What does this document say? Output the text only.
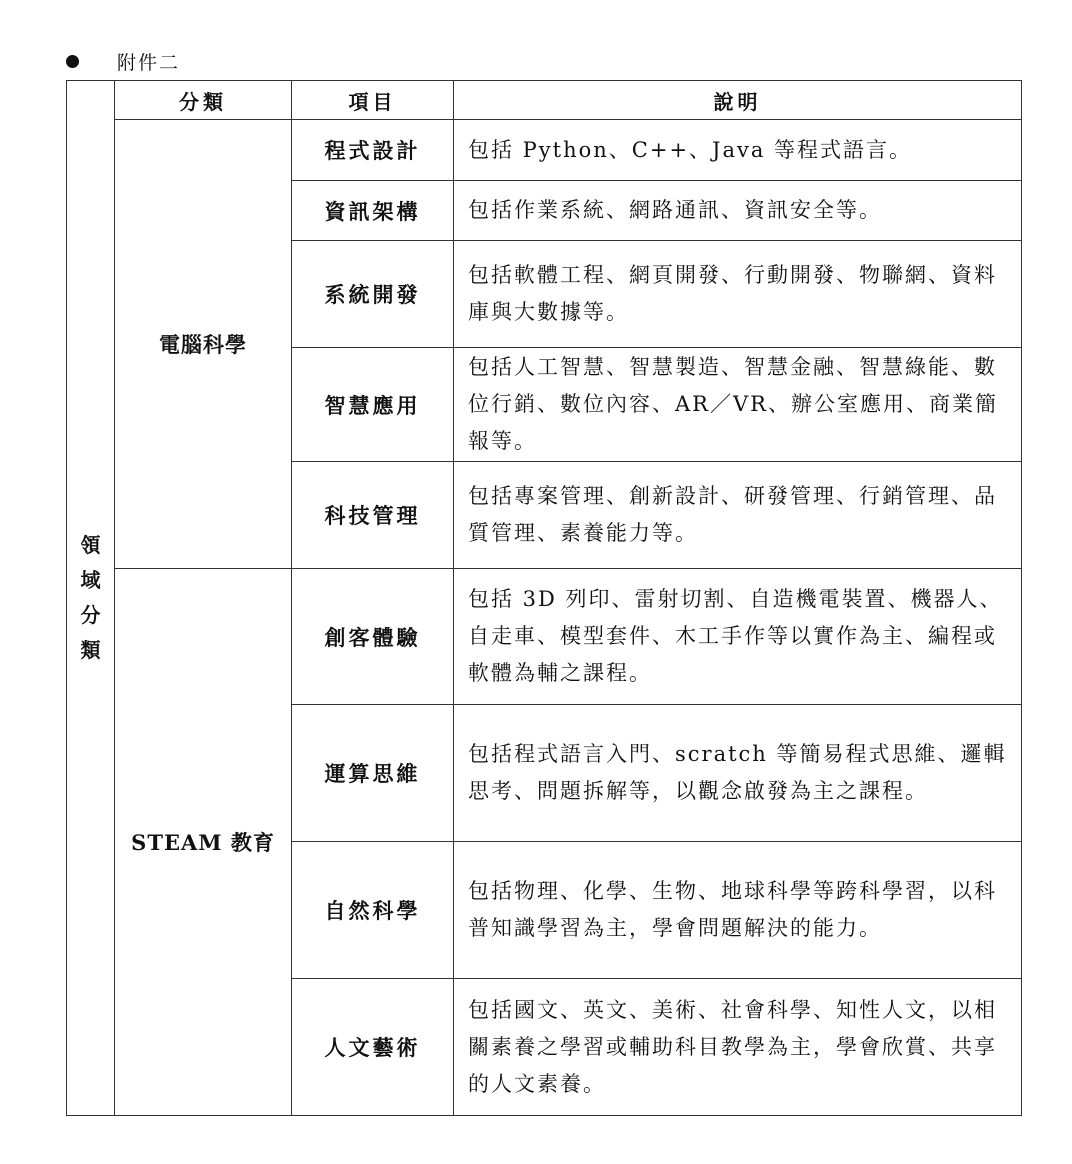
附件二
領域分類	分類	項目	說明
	電腦科學	程式設計	包括 Python、C++、Java 等程式語言。
		資訊架構	包括作業系統、網路通訊、資訊安全等。
		系統開發	包括軟體工程、網頁開發、行動開發、物聯網、資料庫與大數據等。
		智慧應用	包括人工智慧、智慧製造、智慧金融、智慧綠能、數位行銷、數位內容、AR／VR、辦公室應用、商業簡報等。
		科技管理	包括專案管理、創新設計、研發管理、行銷管理、品質管理、素養能力等。
	STEAM 教育	創客體驗	包括 3D 列印、雷射切割、自造機電裝置、機器人、自走車、模型套件、木工手作等以實作為主、編程或軟體為輔之課程。
		運算思維	包括程式語言入門、scratch 等簡易程式思維、邏輯思考、問題拆解等，以觀念啟發為主之課程。
		自然科學	包括物理、化學、生物、地球科學等跨科學習，以科普知識學習為主，學會問題解決的能力。
		人文藝術	包括國文、英文、美術、社會科學、知性人文，以相關素養之學習或輔助科目教學為主，學會欣賞、共享的人文素養。
